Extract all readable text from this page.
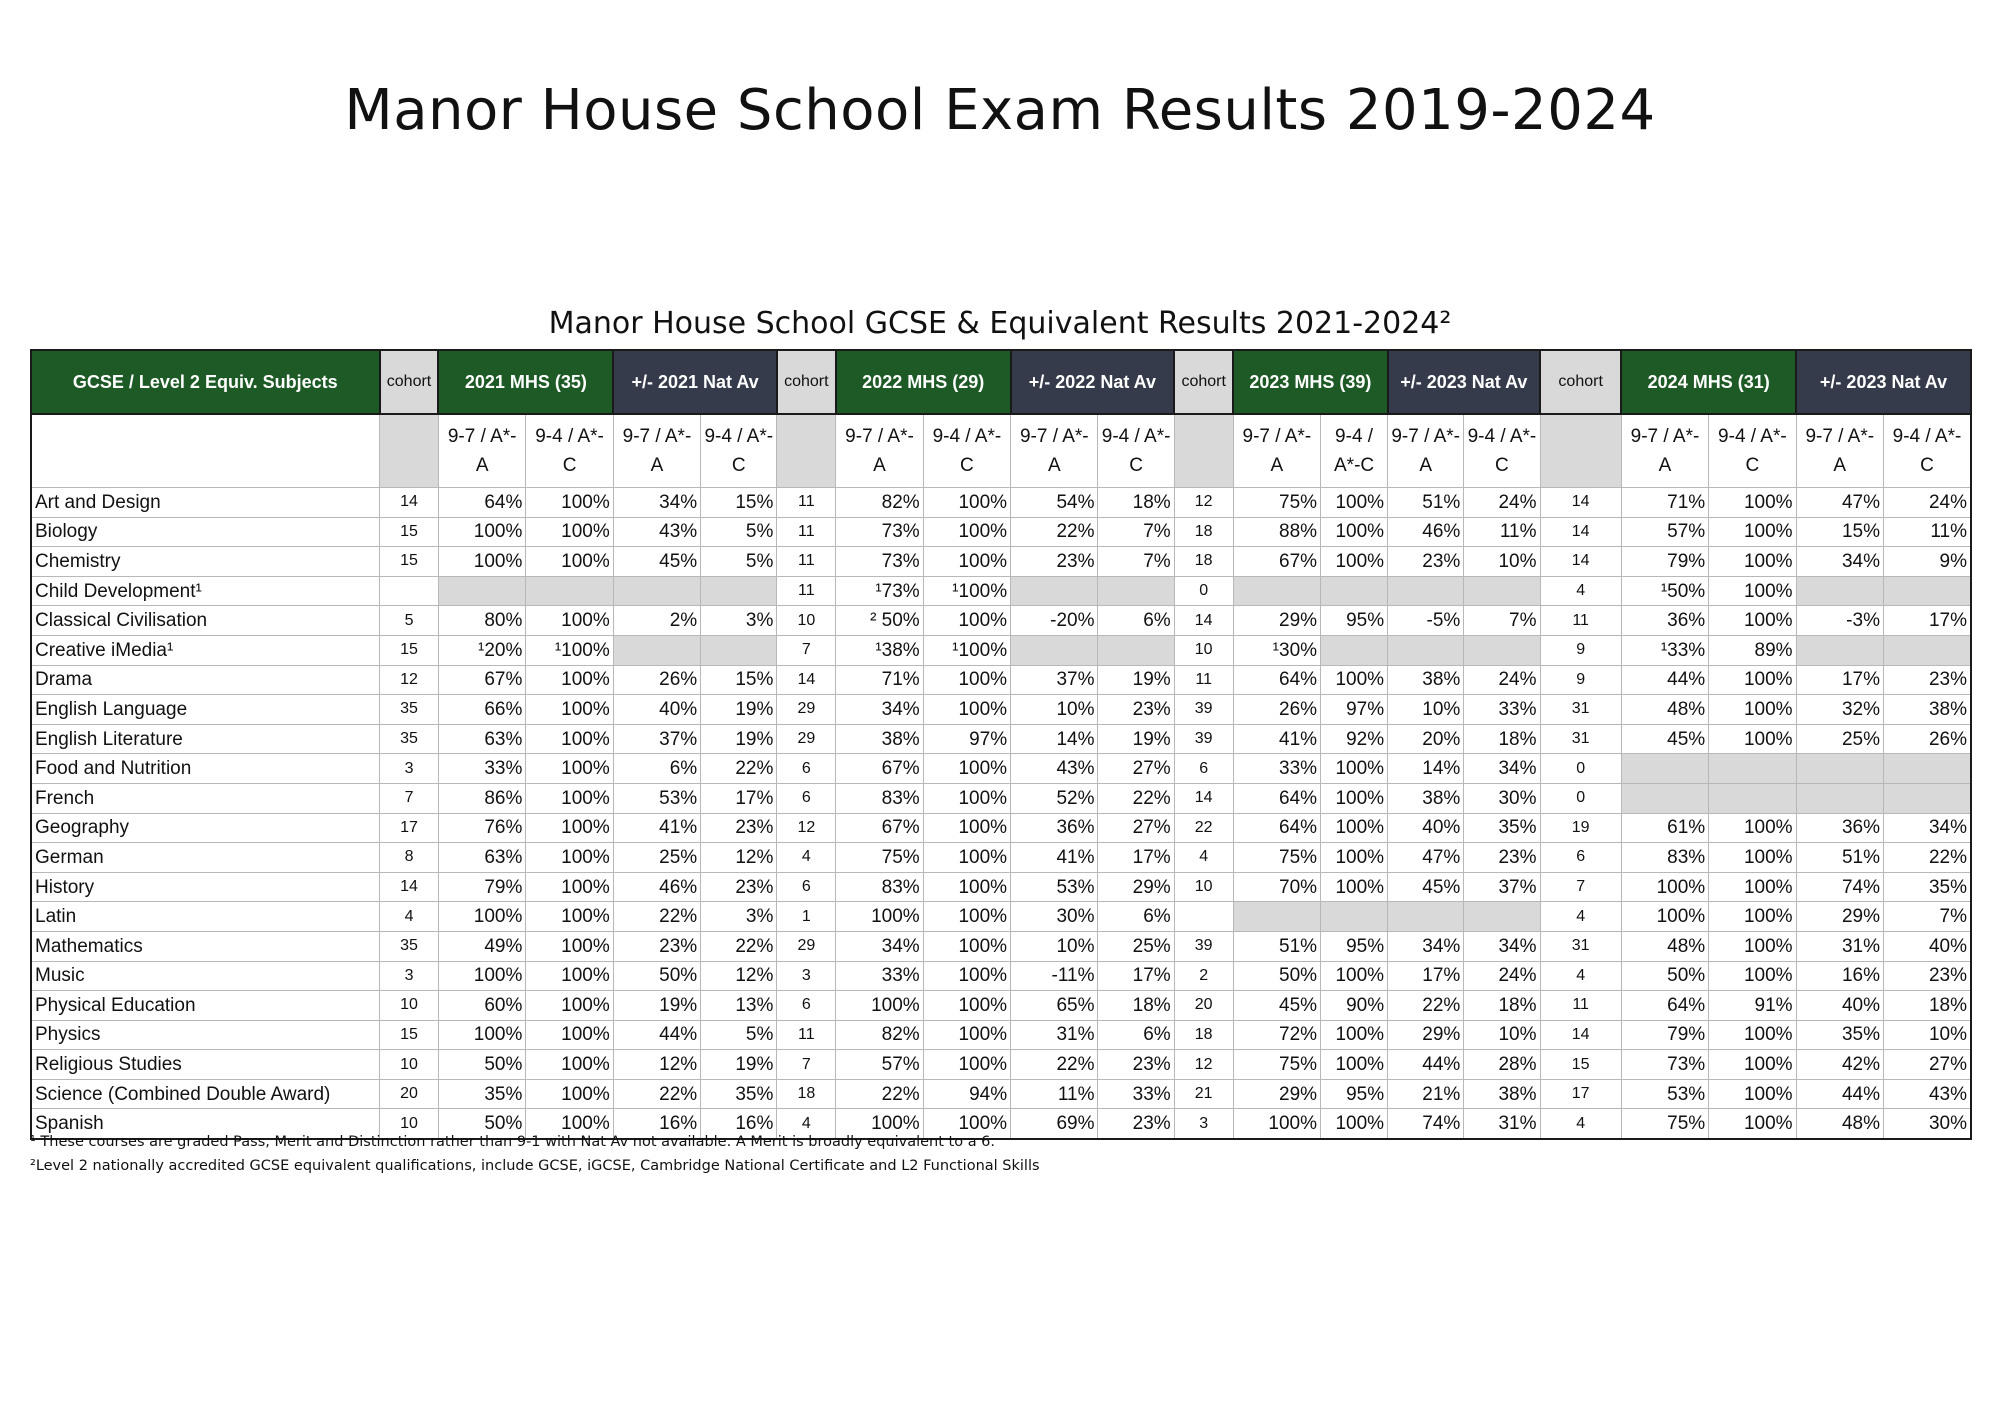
Manor House School Exam Results 2019-2024
Manor House School GCSE & Equivalent Results 2021-2024²
GCSE / Level 2 Equiv. Subjects	cohort	2021 MHS (35)		+/- 2021 Nat Av		cohort	2022 MHS (29)		+/- 2022 Nat Av		cohort	2023 MHS (39)		+/- 2023 Nat Av		cohort	2024 MHS (31)		+/- 2023 Nat Av	
		9-7 / A*-A	9-4 / A*-C	9-7 / A*-A	9-4 / A*-C		9-7 / A*-A	9-4 / A*-C	9-7 / A*-A	9-4 / A*-C		9-7 / A*-A	9-4 / A*-C	9-7 / A*-A	9-4 / A*-C		9-7 / A*-A	9-4 / A*-C	9-7 / A*-A	9-4 / A*-C
Art and Design	14	64%	100%	34%	15%	11	82%	100%	54%	18%	12	75%	100%	51%	24%	14	71%	100%	47%	24%
Biology	15	100%	100%	43%	5%	11	73%	100%	22%	7%	18	88%	100%	46%	11%	14	57%	100%	15%	11%
Chemistry	15	100%	100%	45%	5%	11	73%	100%	23%	7%	18	67%	100%	23%	10%	14	79%	100%	34%	9%
Child Development¹						11	¹73%	¹100%			0					4	¹50%	100%		
Classical Civilisation	5	80%	100%	2%	3%	10	² 50%	100%	-20%	6%	14	29%	95%	-5%	7%	11	36%	100%	-3%	17%
Creative iMedia¹	15	¹20%	¹100%			7	¹38%	¹100%			10	¹30%				9	¹33%	89%		
Drama	12	67%	100%	26%	15%	14	71%	100%	37%	19%	11	64%	100%	38%	24%	9	44%	100%	17%	23%
English Language	35	66%	100%	40%	19%	29	34%	100%	10%	23%	39	26%	97%	10%	33%	31	48%	100%	32%	38%
English Literature	35	63%	100%	37%	19%	29	38%	97%	14%	19%	39	41%	92%	20%	18%	31	45%	100%	25%	26%
Food and Nutrition	3	33%	100%	6%	22%	6	67%	100%	43%	27%	6	33%	100%	14%	34%	0				
French	7	86%	100%	53%	17%	6	83%	100%	52%	22%	14	64%	100%	38%	30%	0				
Geography	17	76%	100%	41%	23%	12	67%	100%	36%	27%	22	64%	100%	40%	35%	19	61%	100%	36%	34%
German	8	63%	100%	25%	12%	4	75%	100%	41%	17%	4	75%	100%	47%	23%	6	83%	100%	51%	22%
History	14	79%	100%	46%	23%	6	83%	100%	53%	29%	10	70%	100%	45%	37%	7	100%	100%	74%	35%
Latin	4	100%	100%	22%	3%	1	100%	100%	30%	6%						4	100%	100%	29%	7%
Mathematics	35	49%	100%	23%	22%	29	34%	100%	10%	25%	39	51%	95%	34%	34%	31	48%	100%	31%	40%
Music	3	100%	100%	50%	12%	3	33%	100%	-11%	17%	2	50%	100%	17%	24%	4	50%	100%	16%	23%
Physical Education	10	60%	100%	19%	13%	6	100%	100%	65%	18%	20	45%	90%	22%	18%	11	64%	91%	40%	18%
Physics	15	100%	100%	44%	5%	11	82%	100%	31%	6%	18	72%	100%	29%	10%	14	79%	100%	35%	10%
Religious Studies	10	50%	100%	12%	19%	7	57%	100%	22%	23%	12	75%	100%	44%	28%	15	73%	100%	42%	27%
Science (Combined Double Award)	20	35%	100%	22%	35%	18	22%	94%	11%	33%	21	29%	95%	21%	38%	17	53%	100%	44%	43%
Spanish	10	50%	100%	16%	16%	4	100%	100%	69%	23%	3	100%	100%	74%	31%	4	75%	100%	48%	30%
¹ These courses are graded Pass, Merit and Distinction rather than 9-1 with Nat Av not available. A Merit is broadly equivalent to a 6.
²Level 2 nationally accredited GCSE equivalent qualifications, include GCSE, iGCSE, Cambridge National Certificate and L2 Functional Skills
